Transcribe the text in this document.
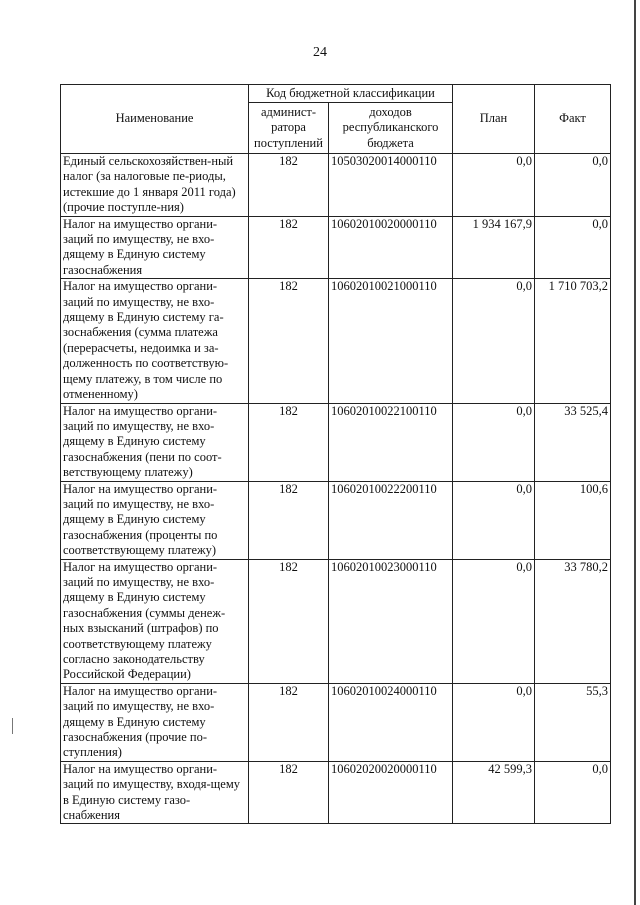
24
Наименование	Код бюджетной классификации		План	Факт
	админист-ратора поступлений	доходов республиканского бюджета		
Единый сельскохозяйствен-ный налог (за налоговые пе-риоды, истекшие до 1 января 2011 года) (прочие поступле-ния)	182	10503020014000110	0,0	0,0
Налог на имущество органи-заций по имуществу, не вхо-дящему в Единую систему газоснабжения	182	10602010020000110	1 934 167,9	0,0
Налог на имущество органи-заций по имуществу, не вхо-дящему в Единую систему га-зоснабжения (сумма платежа (перерасчеты, недоимка и за-долженность по соответствую-щему платежу, в том числе по отмененному)	182	10602010021000110	0,0	1 710 703,2
Налог на имущество органи-заций по имуществу, не вхо-дящему в Единую систему газоснабжения (пени по соот-ветствующему платежу)	182	10602010022100110	0,0	33 525,4
Налог на имущество органи-заций по имуществу, не вхо-дящему в Единую систему газоснабжения (проценты по соответствующему платежу)	182	10602010022200110	0,0	100,6
Налог на имущество органи-заций по имуществу, не вхо-дящему в Единую систему газоснабжения (суммы денеж-ных взысканий (штрафов) по соответствующему платежу согласно законодательству Российской Федерации)	182	10602010023000110	0,0	33 780,2
Налог на имущество органи-заций по имуществу, не вхо-дящему в Единую систему газоснабжения (прочие по-ступления)	182	10602010024000110	0,0	55,3
Налог на имущество органи-заций по имуществу, входя-щему в Единую систему газо-снабжения	182	10602020020000110	42 599,3	0,0
